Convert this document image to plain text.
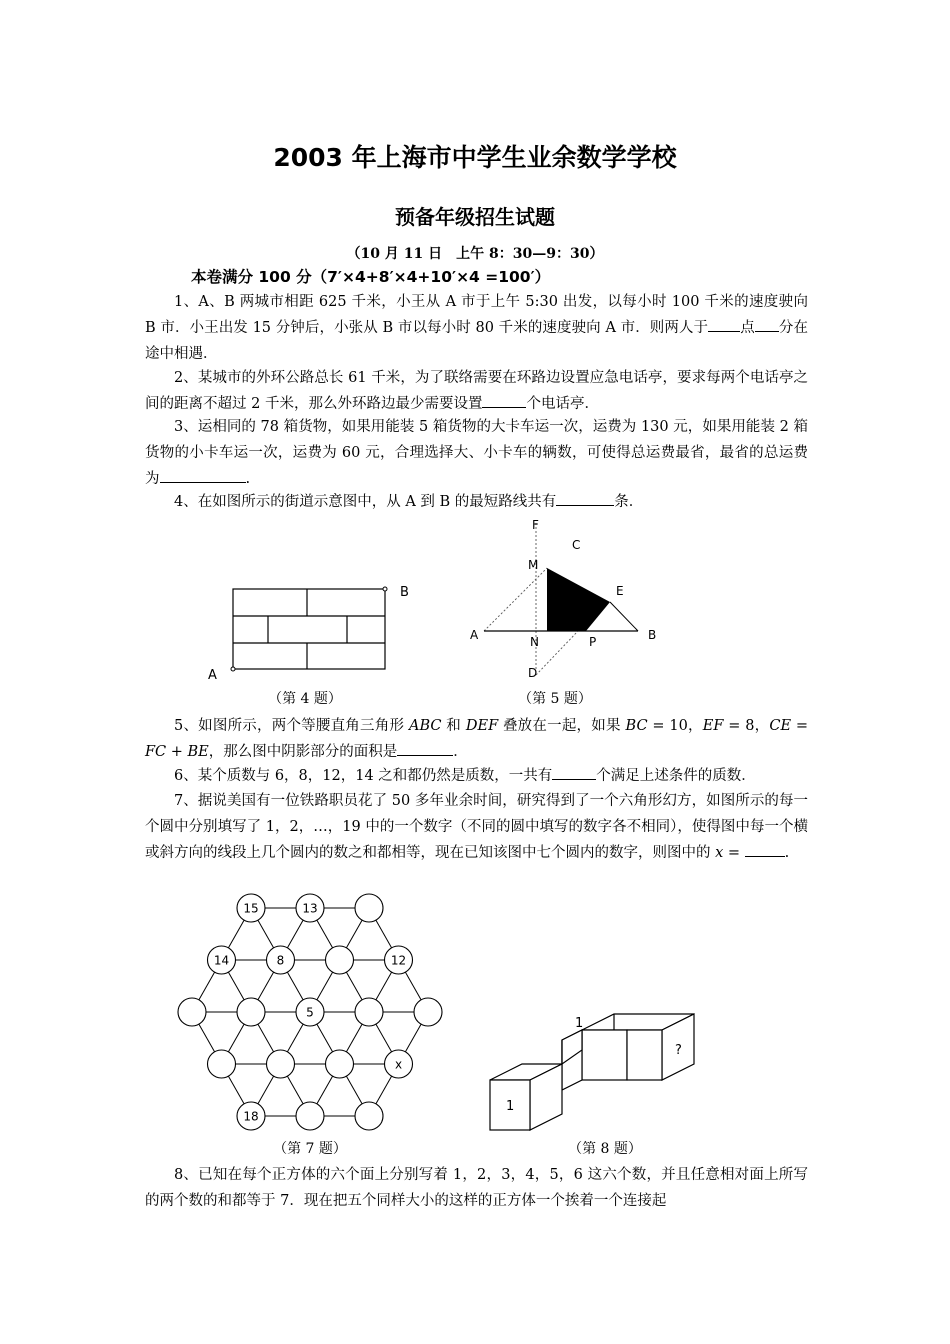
2003 年上海市中学生业余数学学校
预备年级招生试题
（10 月 11 日　上午 8：30—9：30）
本卷满分 100 分（7′×4+8′×4+10′×4 =100′）
1、A、B 两城市相距 625 千米，小王从 A 市于上午 5:30 出发，以每小时 100 千米的速度驶向 B 市．小王出发 15 分钟后，小张从 B 市以每小时 80 千米的速度驶向 A 市．则两人于 点 分在途中相遇．
2、某城市的外环公路总长 61 千米，为了联络需要在环路边设置应急电话亭，要求每两个电话亭之间的距离不超过 2 千米，那么外环路边最少需要设置	个电话亭．
3、运相同的 78 箱货物，如果用能装 5 箱货物的大卡车运一次，运费为 130 元，如果用能装 2 箱货物的小卡车运一次，运费为 60 元，合理选择大、小卡车的辆数，可使得总运费最省，最省的总运费为	.
4、在如图所示的街道示意图中，从 A 到 B 的最短路线共有	条．
A
B
（第 4 题）
F
C
M
E
A	N	P	B
D
（第 5 题）
5、如图所示，两个等腰直角三角形 ABC 和 DEF 叠放在一起，如果 BC = 10，EF = 8，CE = FC + BE，那么图中阴影部分的面积是	．
6、某个质数与 6，8，12，14 之和都仍然是质数，一共有	个满足上述条件的质数．
7、据说美国有一位铁路职员花了 50 多年业余时间，研究得到了一个六角形幻方，如图所示的每一个圆中分别填写了 1，2，…，19 中的一个数字（不同的圆中填写的数字各不相同），使得图中每一个横或斜方向的线段上几个圆内的数之和都相等，现在已知该图中七个圆内的数字，则图中的 x =	.
15	13
14	8	12
5
x
18
（第 7 题）
1
1
?
（第 8 题）
8、已知在每个正方体的六个面上分别写着 1，2，3，4，5，6 这六个数，并且任意相对面上所写的两个数的和都等于 7．现在把五个同样大小的这样的正方体一个挨着一个连接起
